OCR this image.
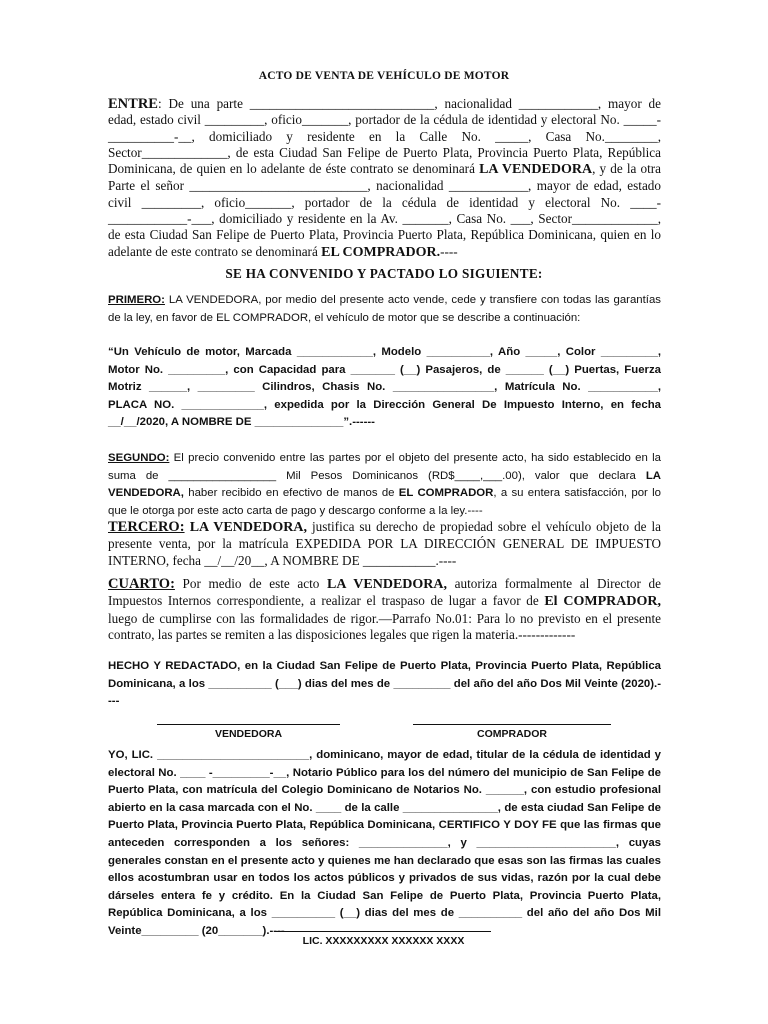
ACTO DE VENTA DE VEHÍCULO DE MOTOR

ENTRE: De una parte ____________________________, nacionalidad ____________, mayor de edad, estado civil _________, oficio_______, portador de la cédula de identidad y electoral No. _____-__________-__, domiciliado y residente en la Calle No. _____, Casa No.________, Sector_____________, de esta Ciudad San Felipe de Puerto Plata, Provincia Puerto Plata, República Dominicana, de quien en lo adelante de éste contrato se denominará LA VENDEDORA, y de la otra Parte el señor ___________________________, nacionalidad ____________, mayor de edad, estado civil _________, oficio_______, portador de la cédula de identidad y electoral No. ____-____________-___, domiciliado y residente en la Av. _______, Casa No. ___, Sector_____________, de esta Ciudad San Felipe de Puerto Plata, Provincia Puerto Plata, República Dominicana, quien en lo adelante de este contrato se denominará EL COMPRADOR.----

SE HA CONVENIDO Y PACTADO LO SIGUIENTE:

PRIMERO: LA VENDEDORA, por medio del presente acto vende, cede y transfiere con todas las garantías de la ley, en favor de EL COMPRADOR, el vehículo de motor que se describe a continuación:

“Un Vehículo de motor, Marcada ____________, Modelo __________, Año _____, Color _________, Motor No. _________, con Capacidad para _______ (__) Pasajeros, de ______ (__) Puertas, Fuerza Motriz ______, _________ Cilindros, Chasis No. ________________, Matrícula No. ___________, PLACA NO. _____________, expedida por la Dirección General De Impuesto Interno, en fecha __/__/2020, A NOMBRE DE ______________”.------

SEGUNDO: El precio convenido entre las partes por el objeto del presente acto, ha sido establecido en la suma de _________________ Mil Pesos Dominicanos (RD$____,___.00), valor que declara LA VENDEDORA, haber recibido en efectivo de manos de EL COMPRADOR, a su entera satisfacción, por lo que le otorga por este acto carta de pago y descargo conforme a la ley.----

TERCERO: LA VENDEDORA, justifica su derecho de propiedad sobre el vehículo objeto de la presente venta, por la matrícula EXPEDIDA POR LA DIRECCIÓN GENERAL DE IMPUESTO INTERNO, fecha __/__/20__, A NOMBRE DE ___________.----

CUARTO: Por medio de este acto LA VENDEDORA, autoriza formalmente al Director de Impuestos Internos correspondiente, a realizar el traspaso de lugar a favor de El COMPRADOR, luego de cumplirse con las formalidades de rigor.—Parrafo No.01: Para lo no previsto en el presente contrato, las partes se remiten a las disposiciones legales que rigen la materia.-------------

HECHO Y REDACTADO, en la Ciudad San Felipe de Puerto Plata, Provincia Puerto Plata, República Dominicana, a los __________ (___) dias del mes de _________ del año del año Dos Mil Veinte (2020).----

VENDEDORA	COMPRADOR

YO, LIC. ________________________, dominicano, mayor de edad, titular de la cédula de identidad y electoral No. ____ -_________-__, Notario Público para los del número del municipio de San Felipe de Puerto Plata, con matrícula del Colegio Dominicano de Notarios No. ______, con estudio profesional abierto en la casa marcada con el No. ____ de la calle _______________, de esta ciudad San Felipe de Puerto Plata, Provincia Puerto Plata, República Dominicana, CERTIFICO Y DOY FE que las firmas que anteceden corresponden a los señores: ______________, y ______________________, cuyas generales constan en el presente acto y quienes me han declarado que esas son las firmas las cuales ellos acostumbran usar en todos los actos públicos y privados de sus vidas, razón por la cual debe dárseles entera fe y crédito. En la Ciudad San Felipe de Puerto Plata, Provincia Puerto Plata, República Dominicana, a los __________ (__) dias del mes de __________ del año del año Dos Mil Veinte_________ (20_______).----

LIC. XXXXXXXXX XXXXXX XXXX
